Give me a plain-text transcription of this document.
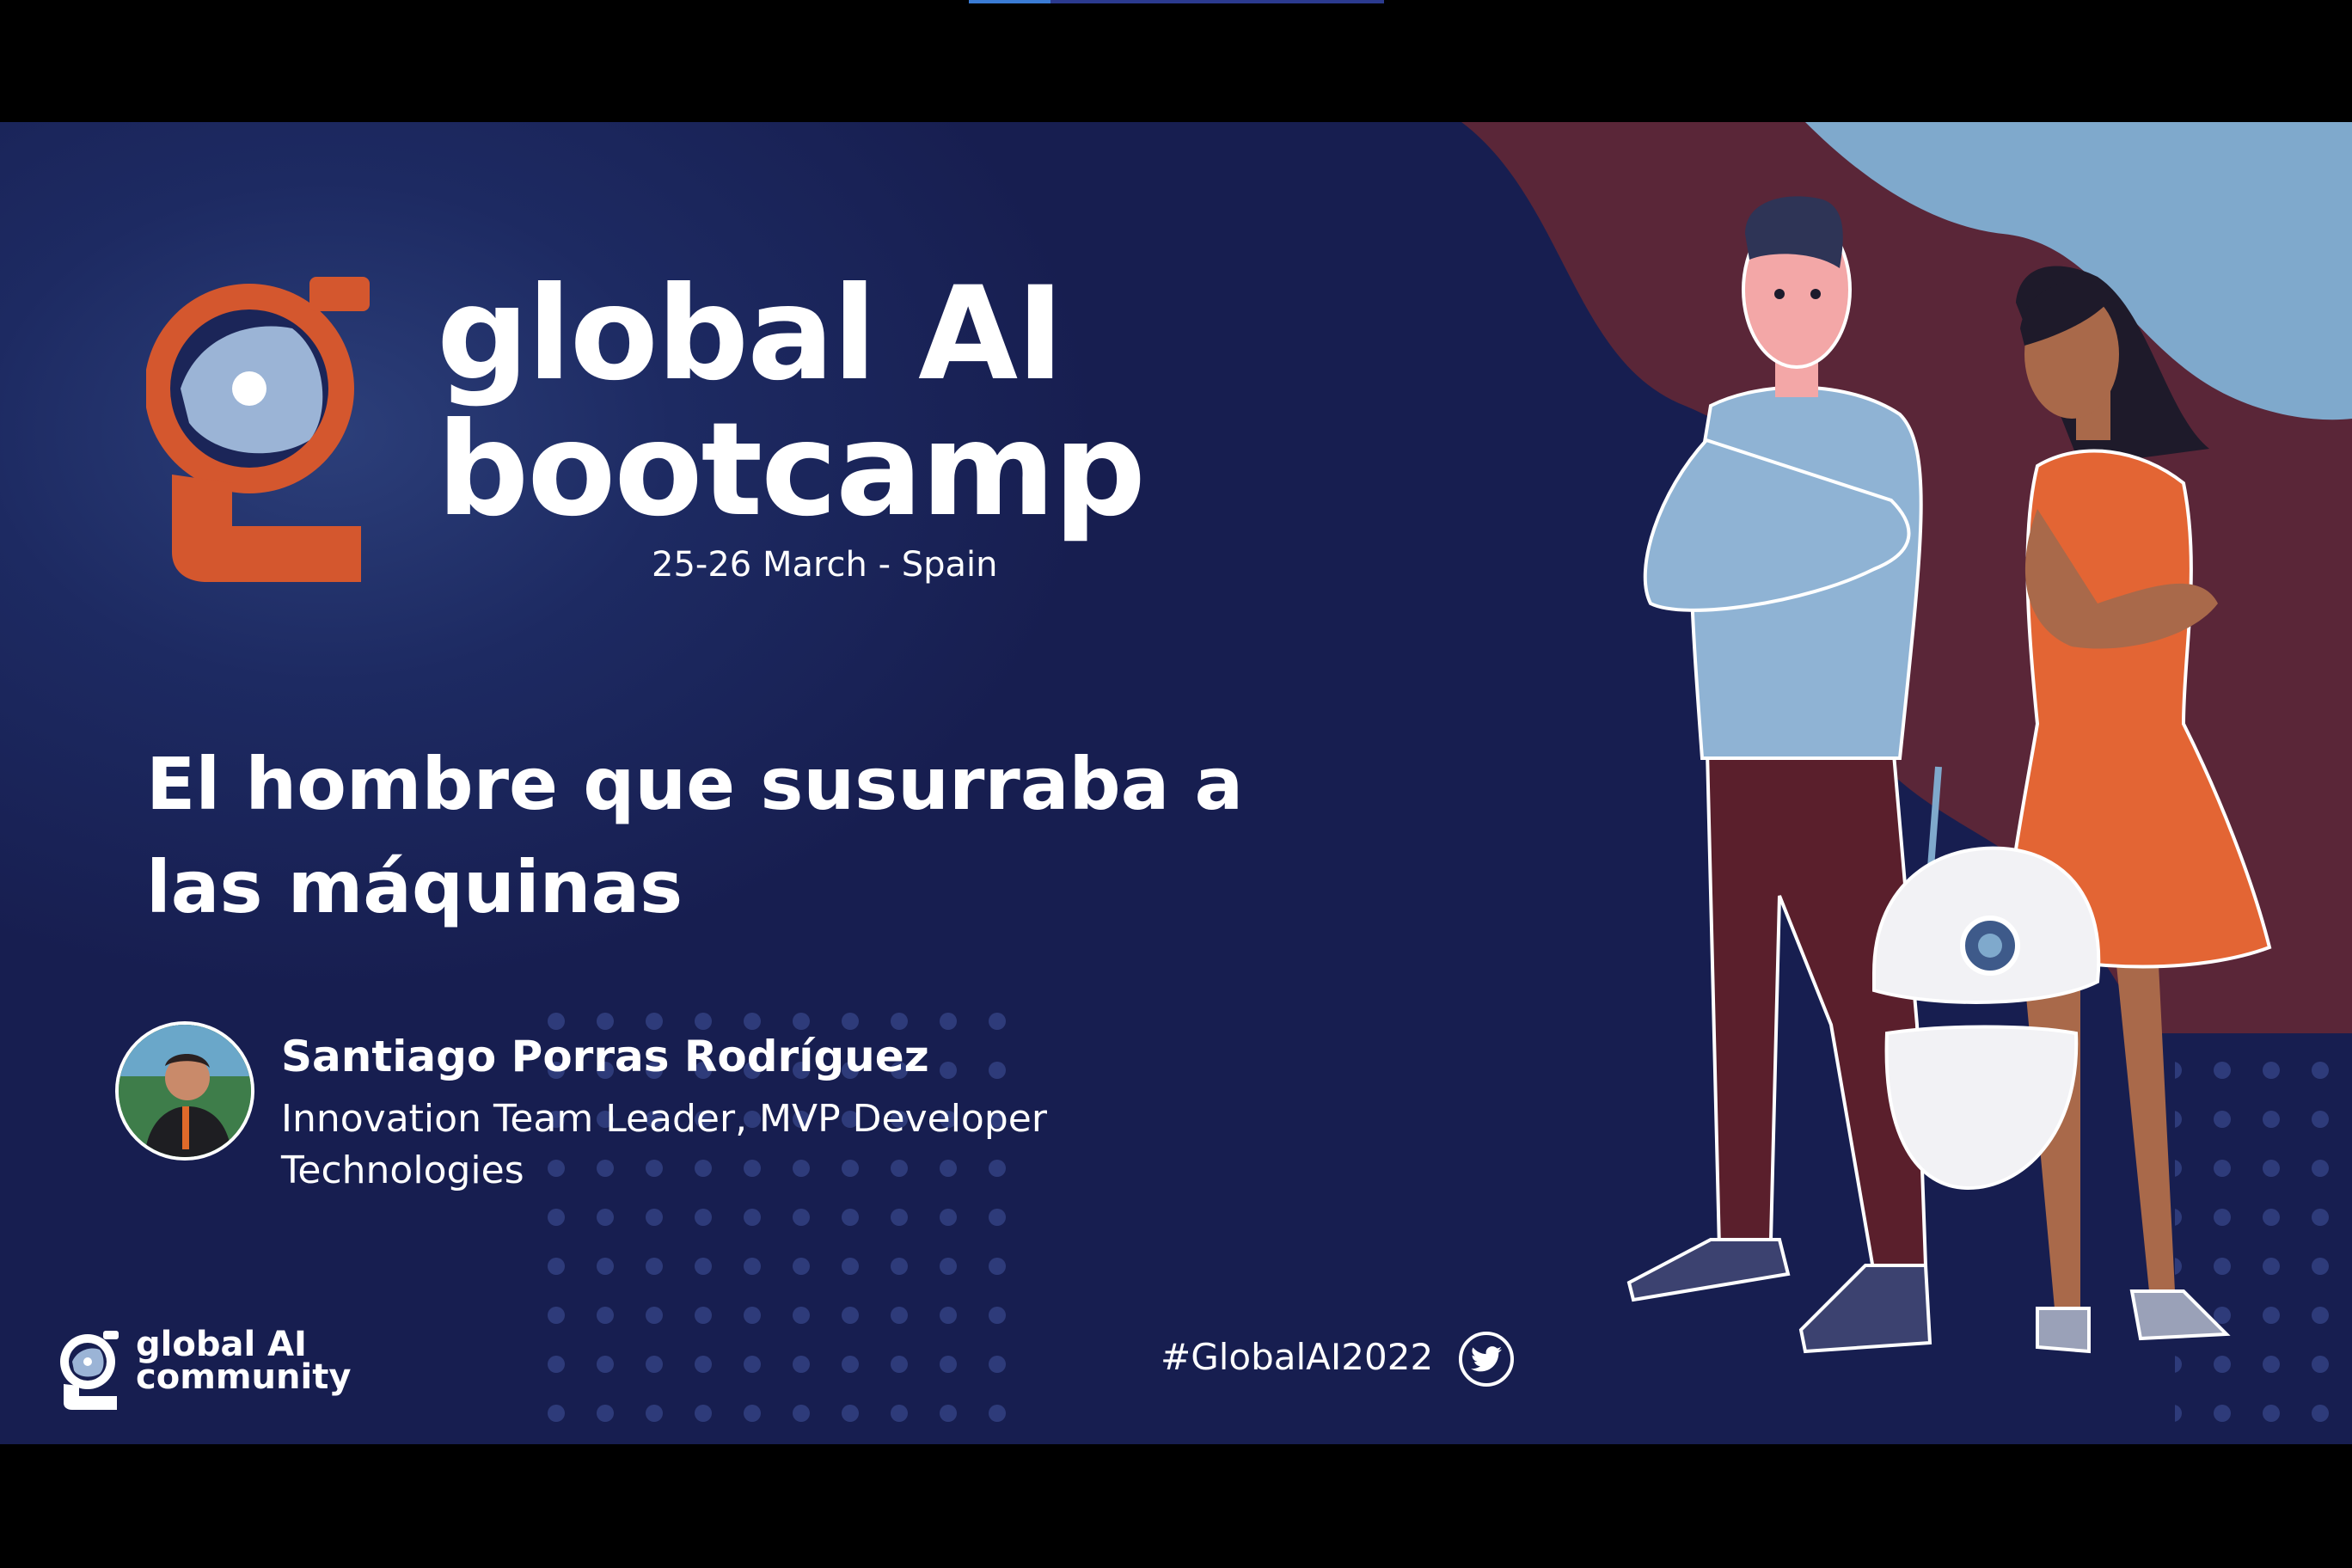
global AI
bootcamp
25-26 March - Spain
El hombre que susurraba a
las máquinas
Santiago Porras Rodríguez
Innovation Team Leader, MVP Developer
Technologies
global AI
community	#GlobalAI2022
